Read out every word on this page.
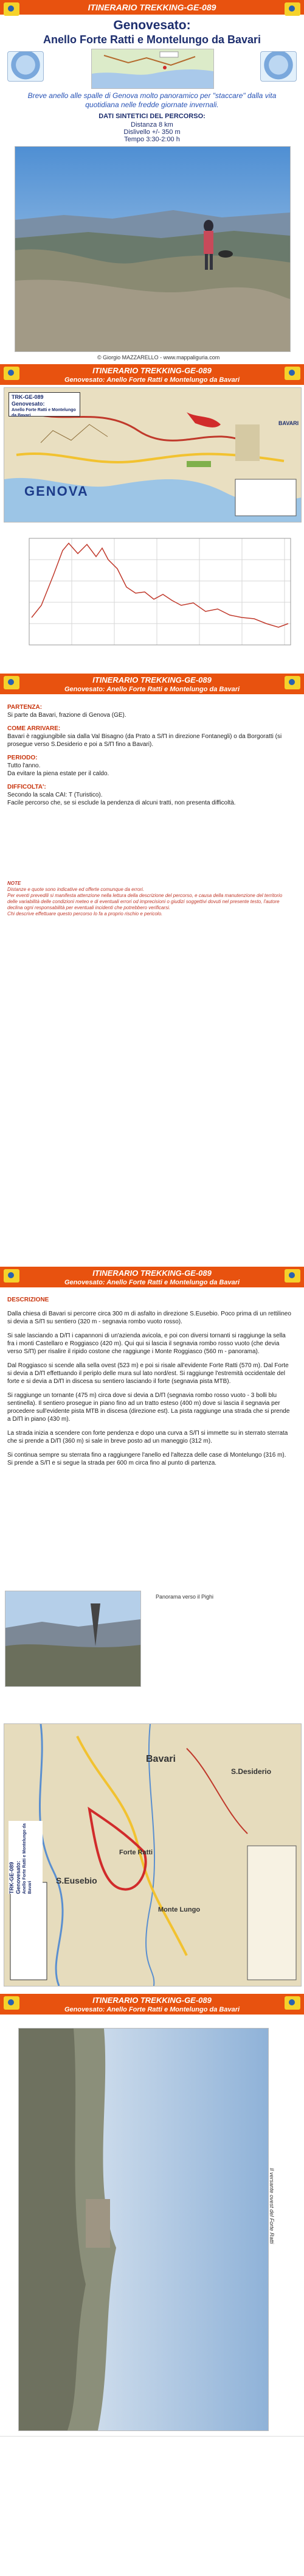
ITINERARIO TREKKING-GE-089
Genovesato:
Anello Forte Ratti e Montelungo da Bavari
Breve anello alle spalle di Genova molto panoramico per "staccare" dalla vita quotidiana nelle fredde giornate invernali.
DATI SINTETICI DEL PERCORSO:
Distanza 8 km
Dislivello +/- 350 m
Tempo 3:30-2:00 h
© Giorgio MAZZARELLO - www.mappaliguria.com
ITINERARIO TREKKING-GE-089
Genovesato: Anello Forte Ratti e Montelungo da Bavari
TRK-GE-089
Genovesato:
Anello Forte Ratti e Montelungo da Bavari
GENOVA
BAVARI
ITINERARIO TREKKING-GE-089
Genovesato: Anello Forte Ratti e Montelungo da Bavari
PARTENZA:

Si parte da Bavari, frazione di Genova (GE).

COME ARRIVARE:

Bavari è raggiungibile sia dalla Val Bisagno (da Prato a S/Π in direzione Fontanegli) o da Borgoratti (si prosegue verso S.Desiderio e poi a S/Π fino a Bavari).

PERIODO:

Tutto l'anno.

Da evitare la piena estate per il caldo.

DIFFICOLTA':

Secondo la scala CAI: T (Turistico).

Facile percorso che, se si esclude la pendenza di alcuni tratti, non presenta difficoltà.

NOTE
Distanze e quote sono indicative ed offerte comunque da errori.
Per eventi prevedili si manifesta attenzione nella lettura della descrizione del percorso, e causa della manutenzione del territorio delle variabilità delle condizioni meteo e di eventuali errori od imprecisioni o giudizi soggettivi dovuti nel presente testo, l'autore declina ogni responsabilità per eventuali incidenti che potrebbero verificarsi.
Chi descrive effettuare questo percorso lo fa a proprio rischio e pericolo.
ITINERARIO TREKKING-GE-089
Genovesato: Anello Forte Ratti e Montelungo da Bavari
DESCRIZIONE

Dalla chiesa di Bavari si percorre circa 300 m di asfalto in direzione S.Eusebio. Poco prima di un rettilineo si devia a S/Π su sentiero (320 m - segnavia rombo vuoto rosso).

Si sale lasciando a D/Π i capannoni di un'azienda avicola, e poi con diversi tornanti si raggiunge la sella fra i monti Castellaro e Roggiasco (420 m). Qui qui si lascia il segnavia rombo rosso vuoto (che devia verso S/Π) per risalire il ripido costone che raggiunge i Monte Roggiasco (560 m - panorama).

Dal Roggiasco si scende alla sella ovest (523 m) e poi si risale all'evidente Forte Ratti (570 m). Dal Forte si devia a D/Π effettuando il periplo delle mura sul lato nord/est. Si raggiunge l'estremità occidentale del forte e si devia a D/Π in discesa su sentiero lasciando il forte (segnavia pista MTB).

Si raggiunge un tornante (475 m) circa dove si devia a D/Π (segnavia rombo rosso vuoto - 3 bolli blu sentinella). Il sentiero prosegue in piano fino ad un tratto esteso (400 m) dove si lascia il segnavia per procedere sull'evidente pista MTB in discesa (direzione est). La pista raggiunge una strada che si prende a D/Π in piano (430 m).

La strada inizia a scendere con forte pendenza e dopo una curva a S/Π si immette su in sterrato sterrata che si prende a D/Π (360 m) si sale in breve posto ad un maneggio (312 m).

Si continua sempre su sterrata fino a raggiungere l'anello ed l'altezza delle case di Montelungo (316 m). Si prende a S/Π e si segue la strada per 600 m circa fino al punto di partenza.

Panorama verso il Pighi
TRK-GE-089 Genovesato: Anello Forte Ratti e Montelungo da Bavari
S.Eusebio
Bavari
S.Desiderio
Forte Ratti
Monte Lungo
ITINERARIO TREKKING-GE-089
Genovesato: Anello Forte Ratti e Montelungo da Bavari
Il versante ovest del Forte Ratti
